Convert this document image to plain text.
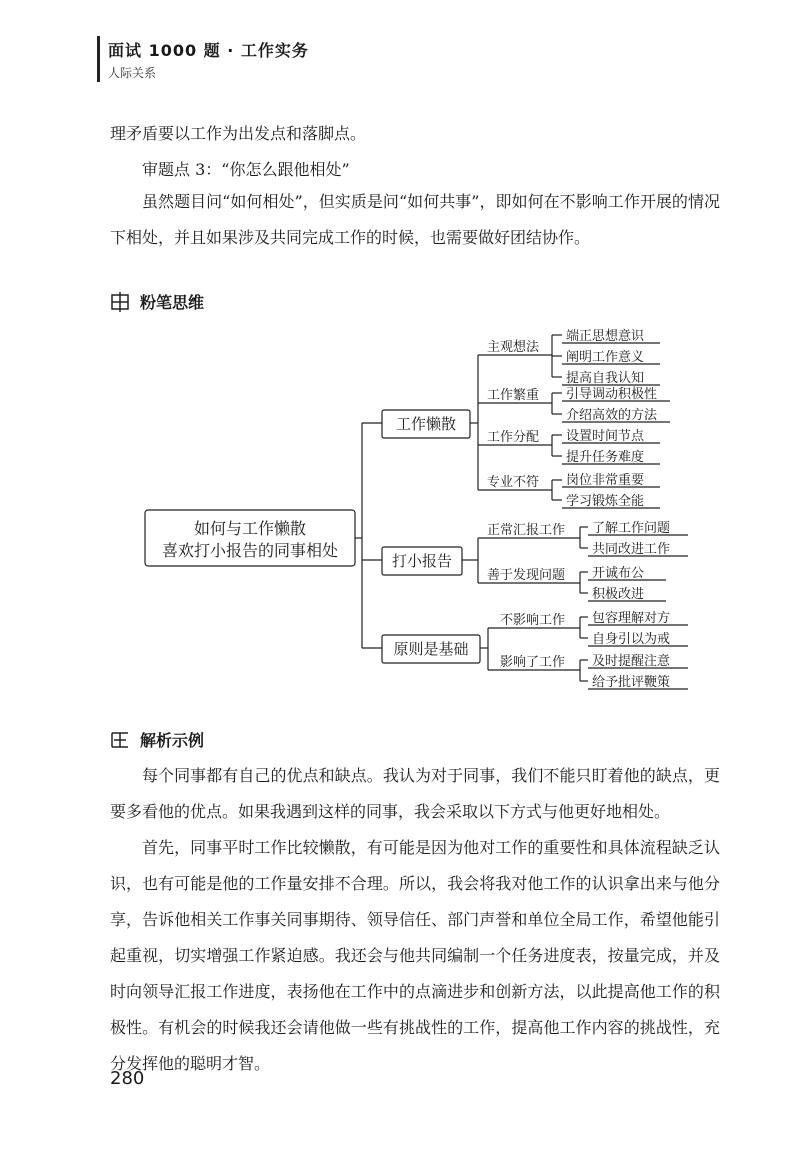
面试 1000 题 · 工作实务
人际关系

理矛盾要以工作为出发点和落脚点。

审题点 3：“你怎么跟他相处”

虽然题目问“如何相处”，但实质是问“如何共事”，即如何在不影响工作开展的情况下相处，并且如果涉及共同完成工作的时候，也需要做好团结协作。

粉笔思维
如何与工作懒散
喜欢打小报告的同事相处
工作懒散
打小报告
原则是基础
主观想法
工作繁重
工作分配
专业不符
端正思想意识
阐明工作意义
提高自我认知
引导调动积极性
介绍高效的方法
设置时间节点
提升任务难度
岗位非常重要
学习锻炼全能
正常汇报工作
善于发现问题
了解工作问题
共同改进工作
开诚布公
积极改进
不影响工作
影响了工作
包容理解对方
自身引以为戒
及时提醒注意
给予批评鞭策
解析示例

每个同事都有自己的优点和缺点。我认为对于同事，我们不能只盯着他的缺点，更要多看他的优点。如果我遇到这样的同事，我会采取以下方式与他更好地相处。

首先，同事平时工作比较懒散，有可能是因为他对工作的重要性和具体流程缺乏认识，也有可能是他的工作量安排不合理。所以，我会将我对他工作的认识拿出来与他分享，告诉他相关工作事关同事期待、领导信任、部门声誉和单位全局工作，希望他能引起重视，切实增强工作紧迫感。我还会与他共同编制一个任务进度表，按量完成，并及时向领导汇报工作进度，表扬他在工作中的点滴进步和创新方法，以此提高他工作的积极性。有机会的时候我还会请他做一些有挑战性的工作，提高他工作内容的挑战性，充分发挥他的聪明才智。

280
